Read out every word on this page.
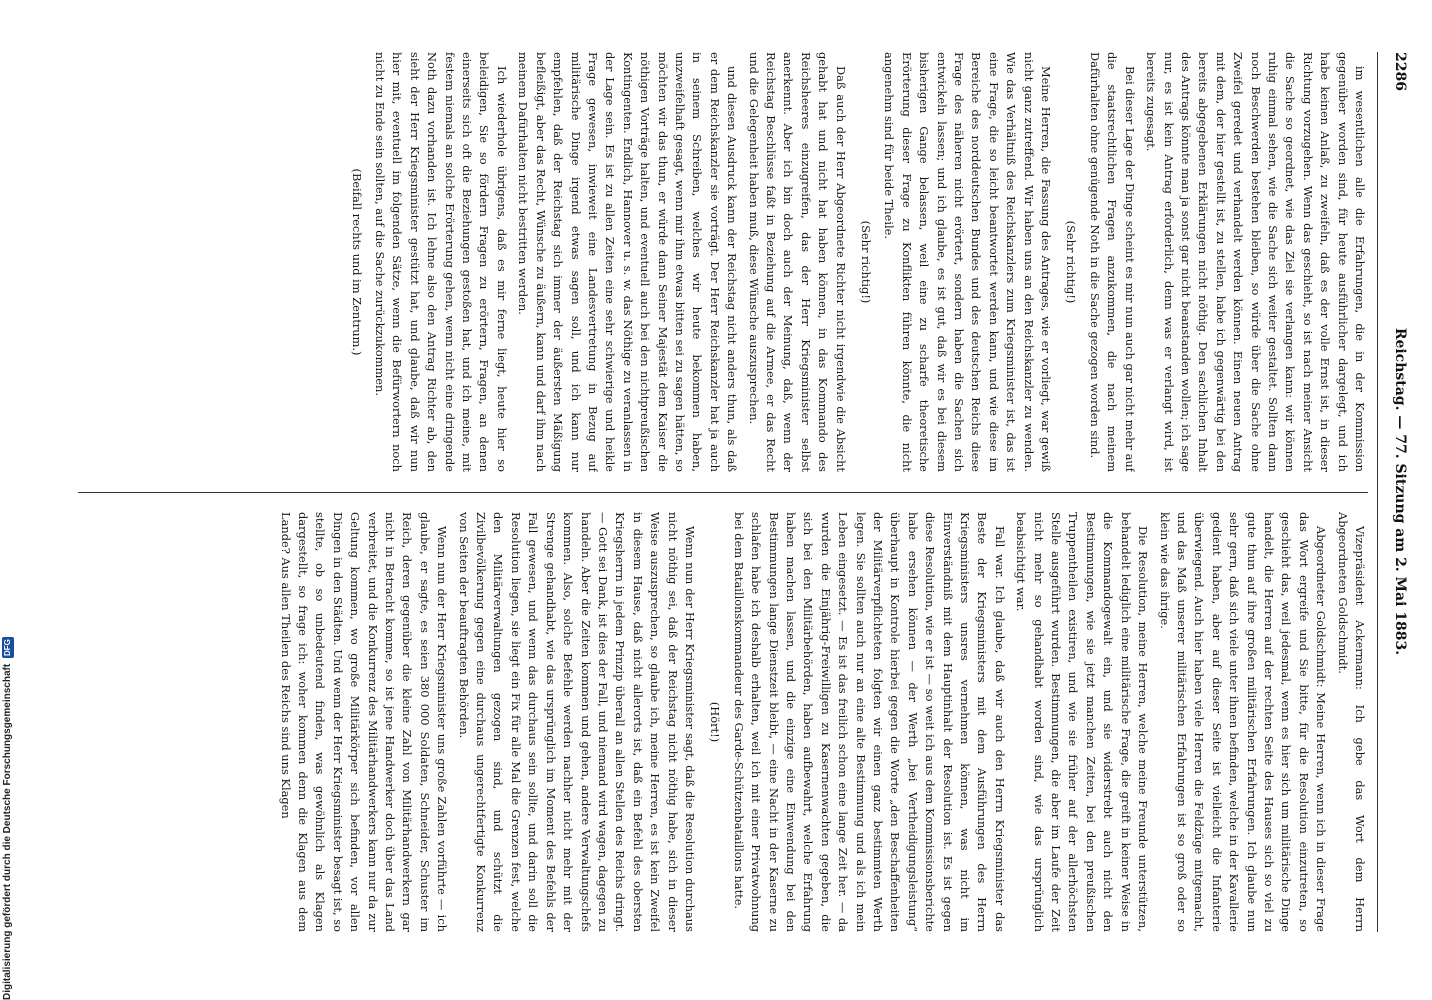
2286
Reichstag. — 77. Sitzung am 2. Mai 1883.

im wesentlichen alle die Erfahrungen, die in der Kommission gegenüber worden sind, für heute ausführlicher dargelegt, und ich habe keinen Anlaß, zu zweifeln, daß es der volle Ernst ist, in dieser Richtung vorzugehen. Wenn das geschieht, so ist nach meiner Ansicht die Sache so geordnet, wie das Ziel sie verlangen kann: wir können ruhig einmal sehen, wie die Sache sich weiter gestaltet. Sollten dann noch Beschwerden bestehen bleiben, so würde über die Sache ohne Zweifel geredet und verhandelt werden können. Einen neuen Antrag mit dem, der hier gestellt ist, zu stellen, habe ich gegenwärtig bei den bereits abgegebenen Erklärungen nicht nöthig. Den sachlichen Inhalt des Antrags könnte man ja sonst gar nicht beanstanden wollen; ich sage nur, es ist kein Antrag erforderlich, denn was er verlangt wird, ist bereits zugesagt.

Bei dieser Lage der Dinge scheint es mir nun auch gar nicht mehr auf die staatsrechtlichen Fragen anzukommen, die nach meinem Dafürhalten ohne genügende Noth in die Sache gezogen worden sind.

(Sehr richtig!)

Meine Herren, die Fassung des Antrages, wie er vorliegt, war gewiß nicht ganz zutreffend. Wir haben uns an den Reichskanzler zu wenden. Wie das Verhältniß des Reichskanzlers zum Kriegsminister ist, das ist eine Frage, die so leicht beantwortet werden kann, und wie diese im Bereiche des norddeutschen Bundes und des deutschen Reichs diese Frage des näheren nicht erörtert, sondern haben die Sachen sich entwickeln lassen; und ich glaube, es ist gut, daß wir es bei diesem bisherigen Gange belassen, weil eine zu scharfe theoretische Erörterung dieser Frage zu Konflikten führen könnte, die nicht angenehm sind für beide Theile.

(Sehr richtig!)

Daß auch der Herr Abgeordnete Richter nicht irgendwie die Absicht gehabt hat und nicht hat haben können, in das Kommando des Reichsheeres einzugreifen, das der Herr Kriegsminister selbst anerkennt. Aber ich bin doch auch der Meinung, daß, wenn der Reichstag Beschlüsse faßt in Beziehung auf die Armee, er das Recht und die Gelegenheit haben muß, diese Wünsche auszusprechen.

und diesen Ausdruck kann der Reichstag nicht anders thun, als daß er dem Reichskanzler sie vorträgt. Der Herr Reichskanzler hat ja auch in seinem Schreiben, welches wir heute bekommen haben, unzweifelhaft gesagt, wenn mir ihm etwas bitten sei zu sagen hätten, so möchten wir das thun, er würde dann Seiner Majestät dem Kaiser die nöthigen Vorträge halten, und eventuell auch bei den nichtpreußischen Kontingenten. Endlich, Hannover u. s. w. das Nöthige zu veranlassen in der Lage sein. Es ist zu allen Zeiten eine sehr schwierige und heikle Frage gewesen, inwieweit eine Landesvertretung in Bezug auf militärische Dinge irgend etwas sagen soll, und ich kann nur empfehlen, daß der Reichstag sich immer der äußersten Mäßigung befleißigt, aber das Recht, Wünsche zu äußern, kann und darf ihm nach meinem Dafürhalten nicht bestritten werden.

Ich wiederhole übrigens, daß es mir ferne liegt, heute hier so beleidigen, Sie so fördern Fragen zu erörtern, Fragen, an denen einerseits sich oft die Beziehungen gestoßen hat, und ich meine, mit festem niemals an solche Erörterung gehen, wenn nicht eine dringende Noth dazu vorhanden ist. Ich lehne also den Antrag Richter ab, den sieht der Herr Kriegsminister gestützt hat, und glaube, daß wir nun hier mit, eventuell im folgenden Sätze, wenn die Befürwortern noch nicht zu Ende sein sollten, auf die Sache zurückzukommen.

(Beifall rechts und im Zentrum.)

Vizepräsident Ackermann: Ich gebe das Wort dem Herrn Abgeordneten Goldschmidt.

Abgeordneter Goldschmidt: Meine Herren, wenn ich in dieser Frage das Wort ergreife und Sie bitte, für die Resolution einzutreten, so geschieht das, weil jedesmal, wenn es hier sich um militärische Dinge handelt, die Herren auf der rechten Seite des Hauses sich so viel zu gute thun auf ihre großen militärischen Erfahrungen. Ich glaube nun sehr gern, daß sich viele unter ihnen befinden, welche in der Kavallerie gedient haben, aber auf dieser Seite ist vielleicht die Infanterie überwiegend. Auch hier haben viele Herren die Feldzüge mitgemacht, und das Maß unserer militärischen Erfahrungen ist so groß oder so klein wie das ihrige.

Die Resolution, meine Herren, welche meine Freunde unterstützen, behandelt lediglich eine militärische Frage, die greift in keiner Weise in die Kommandogewalt ein, und sie widerstrebt auch nicht den Bestimmungen, wie sie jetzt manchen Zeiten, bei den preußischen Truppentheilen existiren, und wie sie früher auf der allerhöchsten Stelle ausgeführt wurden. Bestimmungen, die aber im Laufe der Zeit nicht mehr so gehandhabt worden sind, wie das ursprünglich beabsichtigt war.

Fall war. Ich glaube, daß wir auch den Herrn Kriegsminister das Beste der Kriegsministers mit dem Ausführungen des Herrn Kriegsministers unsres vernehmen können, was nicht im Einverständniß mit dem Hauptinhalt der Resolution ist. Es ist gegen diese Resolution, wie er ist — so weit ich aus dem Kommissionsberichte habe ersehen können — der Werth „bei Vertheidigungsleistung“ überhaupt in Kontrole hierbei gegen die Worte „den Beschaffenheiten der Militärverpflichteten folgten wir einen ganz bestimmten Werth legen. Sie sollten auch nur an eine alte Bestimmung und als ich mein Leben eingesetzt. — Es ist das freilich schon eine lange Zeit her. — da wurden die Einjährig-Freiwilligen zu Kasernenwachten gegeben, die sich bei den Militärbehörden, haben aufbewahrt, welche Erfahrung haben machen lassen, und die einzige eine Einwendung bei den Bestimmungen lange Dienstzeit bleibt, — eine Nacht in der Kaserne zu schlafen habe ich deshalb erhalten, weil ich mit einer Privatwohnung bei dem Bataillonskommandeur des Garde-Schützenbataillons hatte.

(Hört!)

Wenn nun der Herr Kriegsminister sagt, daß die Resolution durchaus nicht nöthig sei, daß der Reichstag nicht nöthig habe, sich in dieser Weise auszusprechen, so glaube ich, meine Herren, es ist kein Zweifel in diesem Hause, daß nicht allerorts ist, daß ein Befehl des obersten Kriegsherrn in jedem Prinzip überall an allen Stellen des Reichs dringt. — Gott sei Dank, ist dies der Fall, und niemand wird wagen, dagegen zu handeln. Aber die Zeiten kommen und gehen, andere Verwaltungschefs kommen. Also, solche Befehle werden nachher nicht mehr mit der Strenge gehandhabt, wie das ursprünglich im Moment des Befehls der Fall gewesen, und wenn das durchaus sein sollte, und darin soll die Resolution liegen, sie liegt ein Fix für alle Mal die Grenzen fest, welche den Militärverwaltungen gezogen sind, und schützt die Zivilbevölkerung gegen eine durchaus ungerechtfertigte Konkurrenz von Seiten der beauftragten Behörden.

Wenn nun der Herr Kriegsminister uns große Zahlen vorführte — ich glaube, er sagte, es seien 380 000 Soldaten, Schneider, Schuster im Reich, deren gegenüber die kleine Zahl von Militärhandwerkern gar nicht in Betracht komme, so ist jene Handwerker doch über das Land verbreitet, und die Konkurrenz des Militärhandwerkers kann nur da zur Geltung kommen, wo große Militärkörper sich befinden, vor allen Dingen in den Städten. Und wenn der Herr Kriegsminister besagt ist, so stellte, ob so unbedeutend finden, was gewöhnlich als Klagen dargestellt, so frage ich: woher kommen denn die Klagen aus dem Lande? Aus allen Theilen des Reichs sind uns Klagen

Digitalisierung gefördert durch die Deutsche Forschungsgemeinschaft DFG
